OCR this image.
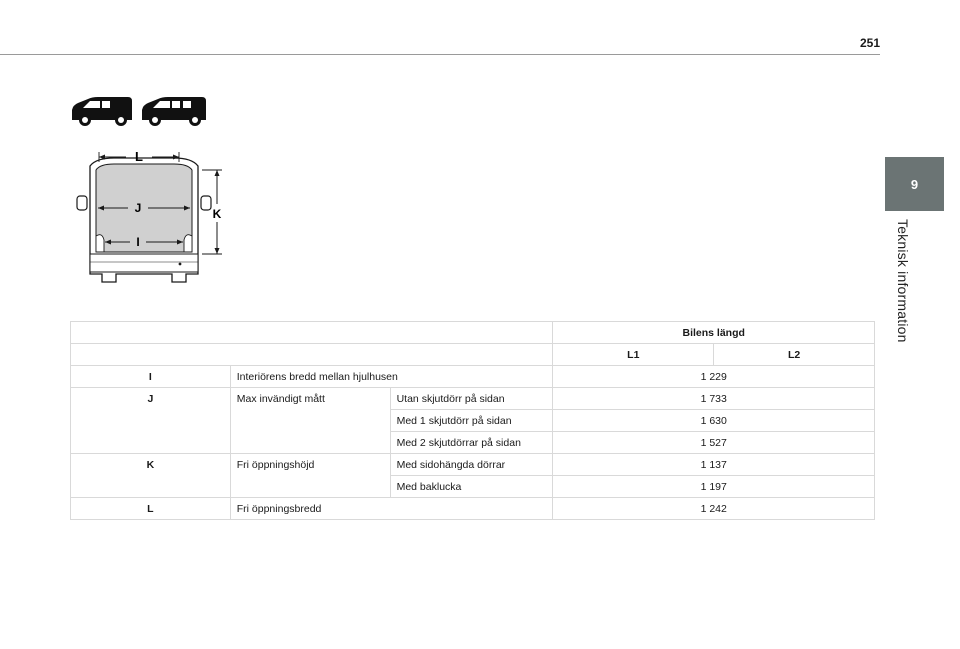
251
9
Teknisk information
L
J
I
K
			Bilens längd	
			L1	L2
I	Interiörens bredd mellan hjulhusen		1 229	
J	Max invändigt mått	Utan skjutdörr på sidan	1 733	
		Med 1 skjutdörr på sidan	1 630	
		Med 2 skjutdörrar på sidan	1 527	
K	Fri öppningshöjd	Med sidohängda dörrar	1 137	
		Med baklucka	1 197	
L	Fri öppningsbredd		1 242	
